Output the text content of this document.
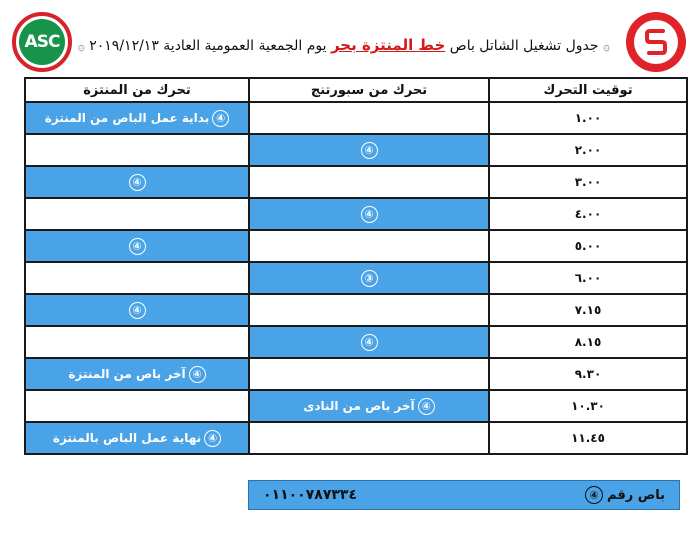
ASC	۞ جدول تشغيل الشاتل باص خط المنتزة بحر يوم الجمعية العمومية العادية ٢٠١٩/١٢/١٣ ۞
توقيت التحرك	تحرك من سبورتنج	تحرك من المنتزة
١.٠٠		④بداية عمل الباص من المنتزة
٢.٠٠	④	
٣.٠٠		④
٤.٠٠	④	
٥.٠٠		④
٦.٠٠	③	
٧.١٥		④
٨.١٥	④	
٩.٣٠		④آخر باص من المنتزة
١٠.٣٠	④آخر باص من النادى	
١١.٤٥		④نهاية عمل الباص بالمنتزة
باص رقم
④
٠١١٠٠٧٨٧٣٣٤
